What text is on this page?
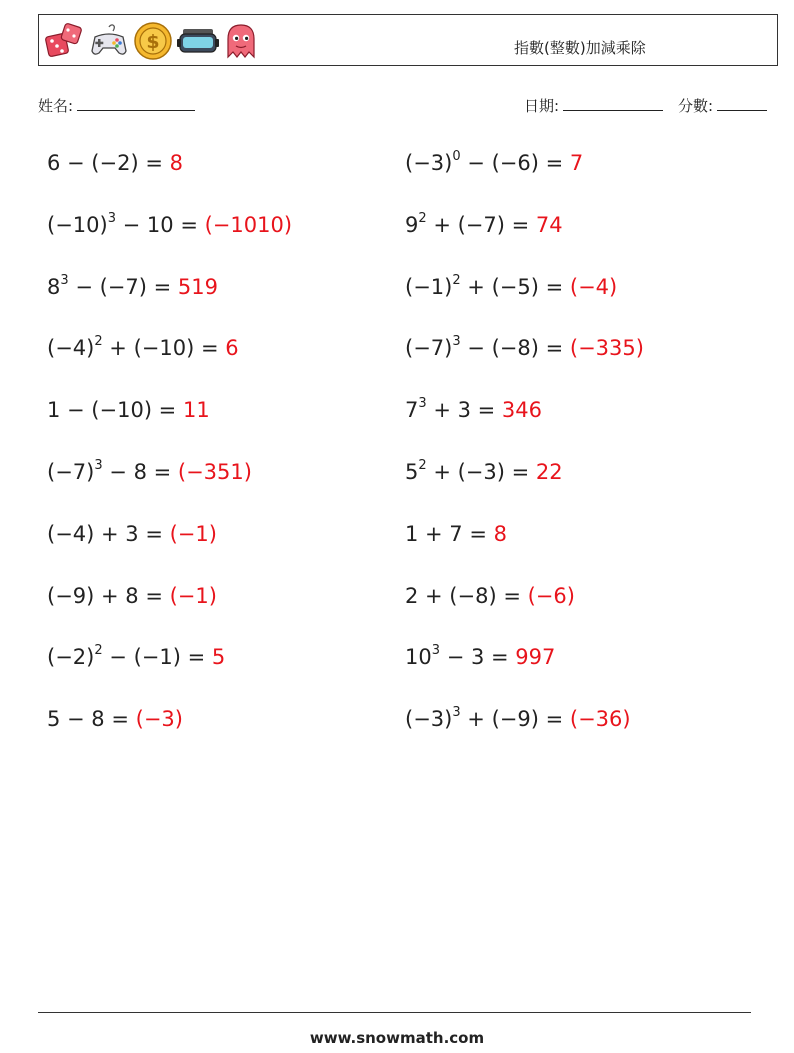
$	指數(整數)加減乘除
姓名:	日期:	分數:
6 − (−2) = 8	$(-3)^0 - (-6) = 7$
$(-10)^3 - 10 = (-1010)$	$9^2 + (-7) = 74$
$8^3 - (-7) = 519$	$(-1)^2 + (-5) = (-4)$
$(-4)^2 + (-10) = 6$	$(-7)^3 - (-8) = (-335)$
1 − (−10) = 11	$7^3 + 3 = 346$
$(-7)^3 - 8 = (-351)$	$5^2 + (-3) = 22$
(−4) + 3 = (−1)	1 + 7 = 8
(−9) + 8 = (−1)	2 + (−8) = (−6)
$(-2)^2 - (-1) = 5$	$10^3 - 3 = 997$
5 − 8 = (−3)	$(-3)^3 + (-9) = (-36)$
www.snowmath.com
